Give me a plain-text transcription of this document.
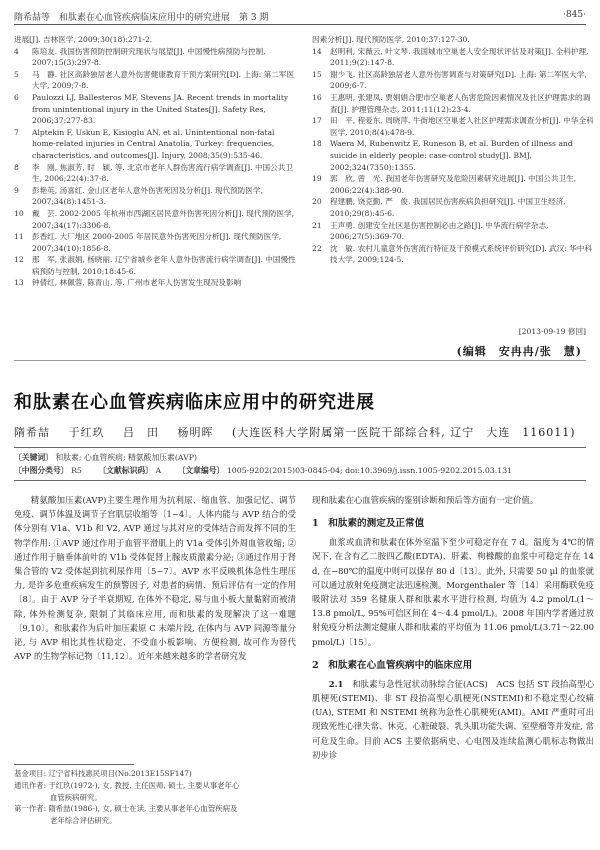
隋希喆等　和肽素在心血管疾病临床应用中的研究进展　第 3 期	·845·
进展[J]. 吉林医学, 2009;30(18):271-2.
4	陈培友. 我国伤害预防控制研究现状与展望[J]. 中国慢性病预防与控制, 2007;15(3):297-8.
5	马　静. 社区高龄独居老人意外伤害健康教育干预方案研究[D]. 上海: 第二军医大学, 2009;7-8.
6	Paulozzi LJ, Ballesteros MF, Stevens JA. Recent trends in mortality from unintentional injury in the United States[J]. Safety Res, 2006;37:277-83.
7	Alptekin F, Uskun E, Kisioglu AN, et al. Unintentional non-fatal home-related injuries in Central Anatolia, Turkey: frequencies, characteristics, and outcomes[J]. Injury, 2008;35(9):535-46.
8	李　刚, 焦淑芳, 时　颖, 等. 北京市老年人群伤害流行病学调查[J]. 中国公共卫生, 2006;22(4):37-8.
9	彭艳英, 汤喜红. 金山区老年人意外伤害死因及分析[J]. 现代预防医学, 2007;34(8):1451-3.
10	戴　芸. 2002-2005 年杭州市西湖区居民意外伤害死因分析[J]. 现代预防医学, 2007;34(17):3306-8.
11	彭香红. 大厂地区 2000-2005 年居民意外伤害死因分析[J]. 现代预防医学, 2007;34(10):1856-8.
12	那　军, 张淑娟, 杨晓丽. 辽宁省城乡老年人意外伤害流行病学调查[J]. 中国慢性病预防与控制, 2010;18:45-6.
13	钟倩红, 林佩蓉, 陈青山, 等. 广州市老年人伤害发生现况及影响
因素分析[J]. 现代预防医学, 2010;37:127-30.
14	赵明利, 宋薇云, 叶文琴. 我国城市空巢老人安全现状评估及对策[J]. 全科护理, 2011;9(2):147-8.
15	谢少飞. 社区高龄独居老人意外伤害调查与对策研究[D]. 上海: 第二军医大学, 2009;6-7.
16	王惠明, 张建凤. 贾娟娟合肥市空巢老人伤害危险因素情况及社区护理需求的调查[J]. 护理管理杂志, 2011;11(12):23-4.
17	田　平, 程爱东, 周晓萍. 牛街地区空巢老人社区护理需求调查分析[J]. 中华全科医学, 2010;8(4):478-9.
18	Waera M, Rubenwitz E, Runeson B, et al. Burden of illness and suicide in elderly people: case-control study[J]. BMJ, 2002;324(7350):1355.
19	郭　欣, 曾　光. 我国老年伤害研究及危险因素研究进展[J]. 中国公共卫生, 2006;22(4):388-90.
20	程建鹏, 饶克勤, 严　俊. 我国居民伤害疾病负担研究[J]. 中国卫生经济, 2010;29(8):45-6.
21	王声勇. 创建安全社区是伤害控制必由之路[J]. 中华流行病学杂志, 2006;27(5):369-70.
22	沈　敏. 农村儿童意外伤害流行特征及干预模式系统评价研究[D]. 武汉: 华中科技大学, 2009;124-5.
[2013-09-19 修回]
(编辑　安冉冉/张　慧)
和肽素在心血管疾病临床应用中的研究进展
隋希喆 于红玖 吕　田 杨明晖 (大连医科大学附属第一医院干部综合科, 辽宁　大连　116011)
〔关键词〕 和肽素; 心血管疾病; 精氨酸加压素(AVP)
〔中图分类号〕 R5 〔文献标识码〕 A 〔文章编号〕 1005-9202(2015)03-0845-04; doi:10.3969/j.issn.1005-9202.2015.03.131

精氨酸加压素(AVP)主要生理作用为抗利尿、缩血管、加强记忆、调节免疫、调节体温及调节子宫肌层收缩等〔1~4〕。人体内能与 AVP 结合的受体分别有 V1a、V1b 和 V2, AVP 通过与其对应的受体结合而发挥不同的生物学作用: ①AVP 通过作用于血管平滑肌上的 V1a 受体引外周血管收缩; ②通过作用于脑垂体前叶的 V1b 受体促肾上腺皮质激素分泌; ③通过作用于肾集合管的 V2 受体起到抗利尿作用〔5~7〕。AVP 水平反映机体急性生理压力, 是许多危重疾病发生的预警因子, 对患者的病情、预后评估有一定的作用〔8〕。由于 AVP 分子半衰期短, 在体外不稳定, 易与血小板大量黏附而被清除, 体外检测复杂, 限制了其临床应用, 而和肽素的发现解决了这一难题〔9,10〕。和肽素作为后叶加压素原 C 末端片段, 在体内与 AVP 同源等量分泌, 与 AVP 相比其性状稳定、不受血小板影响、方便检测, 故可作为替代 AVP 的生物学标记物〔11,12〕。近年来越来越多的学者研究发

现和肽素在心血管疾病的鉴别诊断和预后等方面有一定价值。

1　和肽素的测定及正常值

血浆或血清和肽素在体外室温下至少可稳定存在 7 d。温度为 4℃的情况下, 在含有乙二胺四乙酸(EDTA)、肝素、枸橼酸的血浆中可稳定存在 14 d, 在−80℃的温度中则可以保存 80 d〔13〕。此外, 只需要 50 μl 的血浆就可以通过放射免疫测定法迅速检测。Morgenthaler 等〔14〕采用酶联免疫吸附法对 359 名健康人群和肽素水平进行检测, 均值为 4.2 pmol/L(1～13.8 pmol/L, 95%可信区间在 4～4.4 pmol/L)。2008 年国内学者通过放射免疫分析法测定健康人群和肽素的平均值为 11.06 pmol/L(3.71～22.00 pmol/L)〔15〕。

2　和肽素在心血管疾病中的临床应用

2.1　和肽素与急性冠状动脉综合征(ACS)　ACS 包括 ST 段抬高型心肌梗死(STEMI)、非 ST 段抬高型心肌梗死(NSTEMI)和不稳定型心绞痛(UA), STEMI 和 NSTEMI 统称为急性心肌梗死(AMI)。AMI 严重时可出现致死性心律失常、休克、心脏破裂、乳头肌功能失调、室壁瘤等并发症, 常可危及生命。目前 ACS 主要依据病史、心电图及连续监测心肌标志物做出初步诊

基金项目: 辽宁省科技惠民项目(No.2013E15SF147)
通讯作者: 于红玖(1972-), 女, 教授, 主任医师, 硕士, 主要从事老年心
血管疾病研究。
第一作者: 隋希喆(1986-), 女, 硕士在读, 主要从事老年心血管疾病及
老年综合评估研究。
